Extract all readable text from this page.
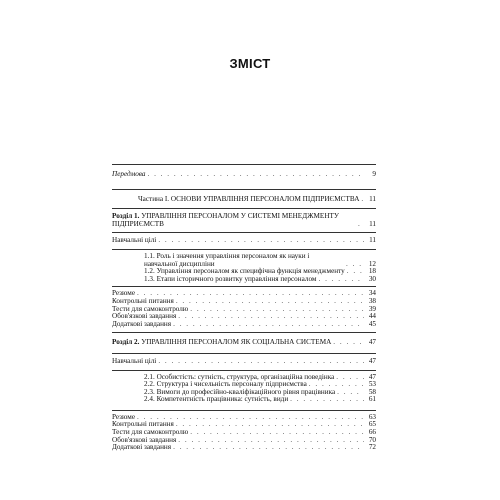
ЗМІСТ
Передмова . . .	9
Частина I. ОСНОВИ УПРАВЛІННЯ ПЕРСОНАЛОМ ПІДПРИЄМСТВА . . .	11
Розділ 1. УПРАВЛІННЯ ПЕРСОНАЛОМ У СИСТЕМІ МЕНЕДЖМЕНТУ ПІДПРИЄМСТВ . . .	11
Навчальні цілі . . .	11
1.1. Роль і значення управління персоналом як науки і навчальної дисципліни . . .	12
1.2. Управління персоналом як специфічна функція менеджменту . . .	18
1.3. Етапи історичного розвитку управління персоналом . . .	30
Резюме . . .	34
Контрольні питання . . .	38
Тести для самоконтролю . . .	39
Обов'язкові завдання . . .	44
Додаткові завдання . . .	45
Розділ 2. УПРАВЛІННЯ ПЕРСОНАЛОМ ЯК СОЦІАЛЬНА СИСТЕМА . . .	47
Навчальні цілі . . .	47
2.1. Особистість: сутність, структура, організаційна поведінка . . .	47
2.2. Структура і чисельність персоналу підприємства . . .	53
2.3. Вимоги до професійно-кваліфікаційного рівня працівника . . .	58
2.4. Компетентність працівника: сутність, види . . .	61
Резюме . . .	63
Контрольні питання . . .	65
Тести для самоконтролю . . .	66
Обов'язкові завдання . . .	70
Додаткові завдання . . .	72
